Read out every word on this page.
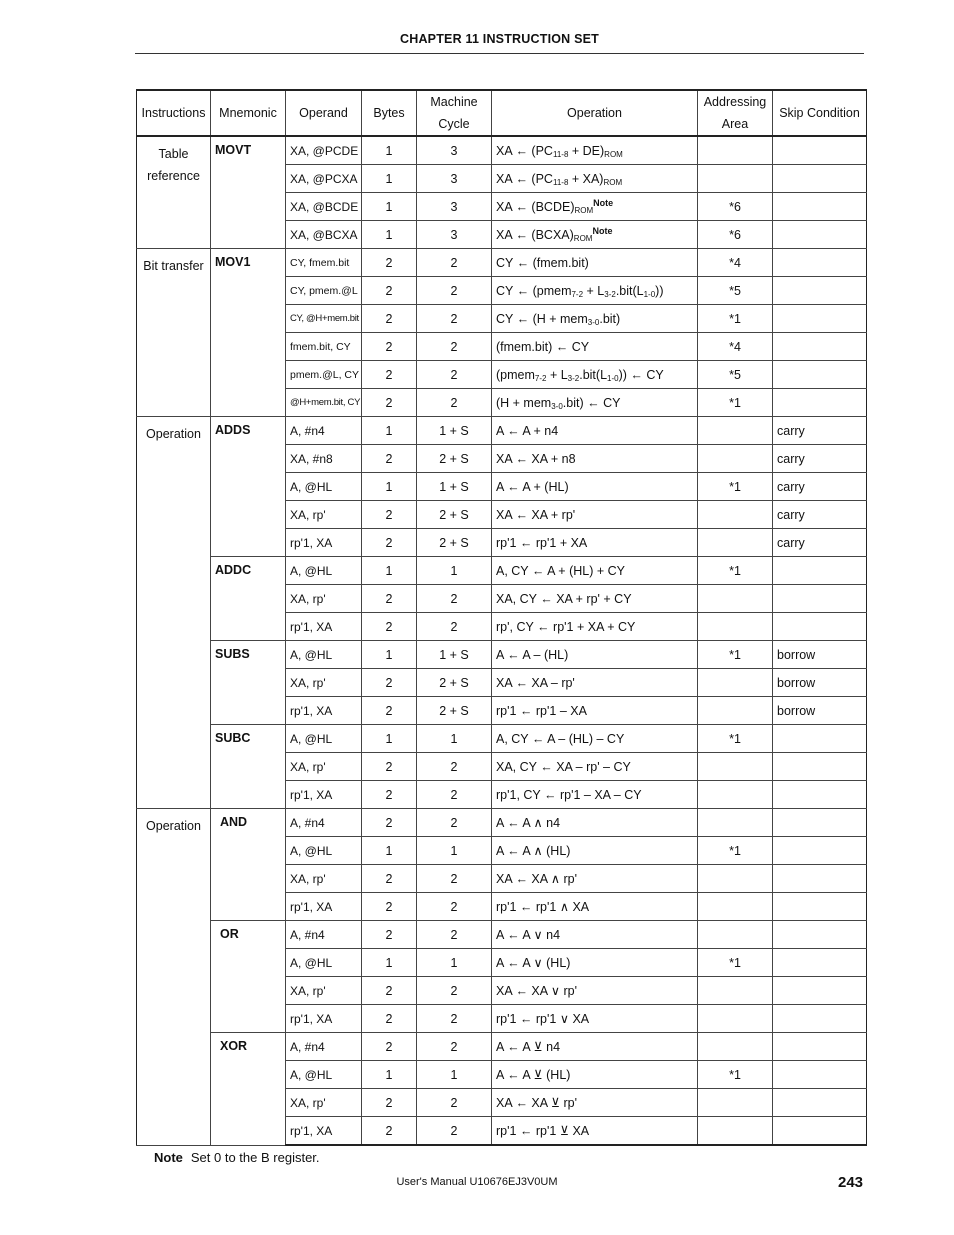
CHAPTER 11 INSTRUCTION SET
Instructions	Mnemonic	Operand	Bytes	Machine
Cycle	Operation	Addressing
Area	Skip Condition
Table
reference	MOVT	XA, @PCDE	1	3	XA ← $(PC_{11-8} + DE)_{ROM}$		
		XA, @PCXA	1	3	XA ← $(PC_{11-8} + XA)_{ROM}$		
		XA, @BCDE	1	3	XA ← $(BCDE)_{ROM}^{Note}$	*6	
		XA, @BCXA	1	3	XA ← $(BCXA)_{ROM}^{Note}$	*6	
Bit transfer	MOV1	CY, fmem.bit	2	2	CY ← (fmem.bit)	*4	
		CY, pmem.@L	2	2	CY ← (pmem$_{7-2}$ + $L_{3-2}.bit(L_{1-0})$)	*5	
		CY, @H+mem.bit	2	2	CY ← (H + mem$_{3-0}$.bit)	*1	
		fmem.bit, CY	2	2	(fmem.bit) ← CY	*4	
		pmem.@L, CY	2	2	(pmem$_{7-2}$ + $L_{3-2}.bit(L_{1-0})$) ← CY	*5	
		@H+mem.bit, CY	2	2	(H + mem$_{3-0}$.bit) ← CY	*1	
Operation	ADDS	A, #n4	1	1 + S	A ← A + n4		carry
		XA, #n8	2	2 + S	XA ← XA + n8		carry
		A, @HL	1	1 + S	A ← A + (HL)	*1	carry
		XA, rp'	2	2 + S	XA ← XA + rp'		carry
		rp'1, XA	2	2 + S	rp'1 ← rp'1 + XA		carry
	ADDC	A, @HL	1	1	A, CY ← A + (HL) + CY	*1	
		XA, rp'	2	2	XA, CY ← XA + rp' + CY		
		rp'1, XA	2	2	rp', CY ← rp'1 + XA + CY		
	SUBS	A, @HL	1	1 + S	A ← A – (HL)	*1	borrow
		XA, rp'	2	2 + S	XA ← XA – rp'		borrow
		rp'1, XA	2	2 + S	rp'1 ← rp'1 – XA		borrow
	SUBC	A, @HL	1	1	A, CY ← A – (HL) – CY	*1	
		XA, rp'	2	2	XA, CY ← XA – rp' – CY		
		rp'1, XA	2	2	rp'1, CY ← rp'1 – XA – CY		
Operation	AND	A, #n4	2	2	A ← A ∧ n4		
		A, @HL	1	1	A ← A ∧ (HL)	*1	
		XA, rp'	2	2	XA ← XA ∧ rp'		
		rp'1, XA	2	2	rp'1 ← rp'1 ∧ XA		
	OR	A, #n4	2	2	A ← A ∨ n4		
		A, @HL	1	1	A ← A ∨ (HL)	*1	
		XA, rp'	2	2	XA ← XA ∨ rp'		
		rp'1, XA	2	2	rp'1 ← rp'1 ∨ XA		
	XOR	A, #n4	2	2	A ← A ⊻ n4		
		A, @HL	1	1	A ← A ⊻ (HL)	*1	
		XA, rp'	2	2	XA ← XA ⊻ rp'		
		rp'1, XA	2	2	rp'1 ← rp'1 ⊻ XA		
Note Set 0 to the B register.
User's Manual U10676EJ3V0UM	243
